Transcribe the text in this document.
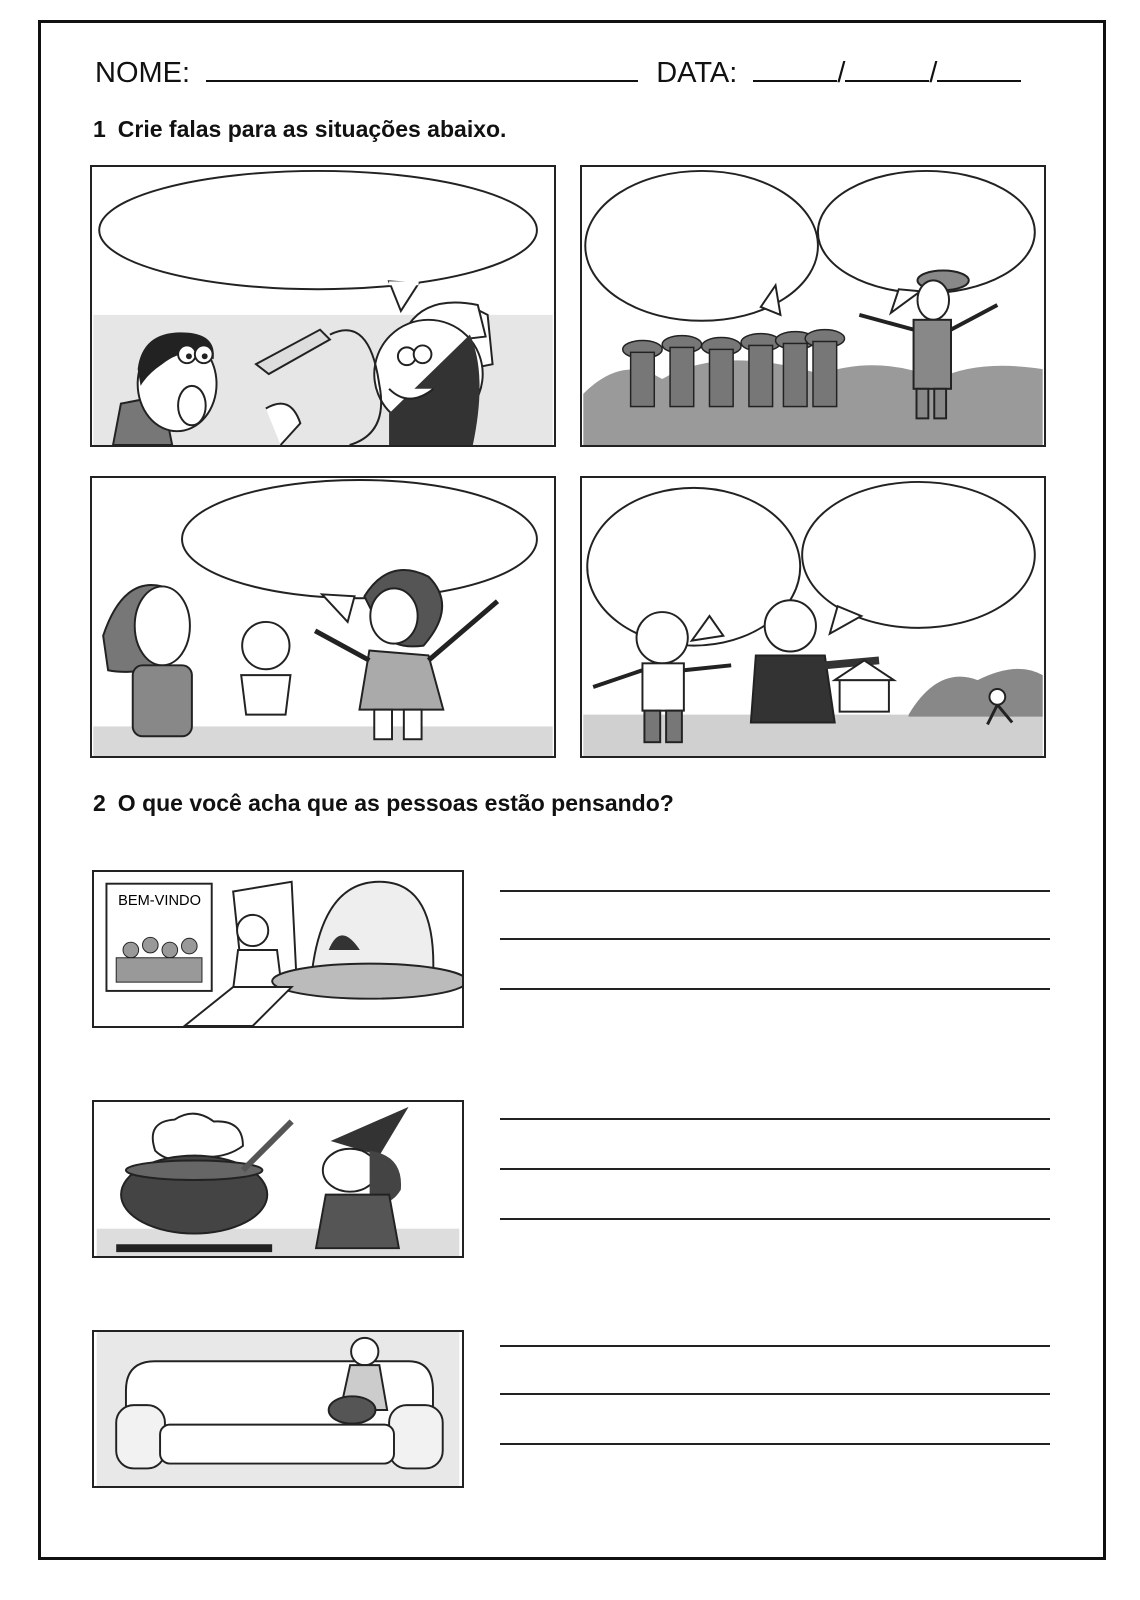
NOME:	DATA:	/	/
1 Crie falas para as situações abaixo.
2 O que você acha que as pessoas estão pensando?
BEM-VINDO
